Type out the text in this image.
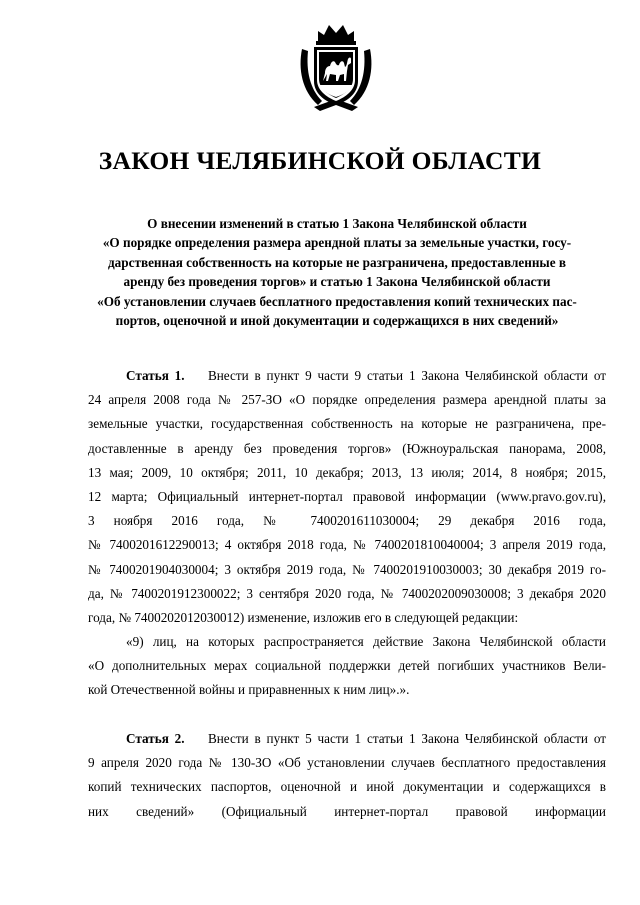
ЗАКОН ЧЕЛЯБИНСКОЙ ОБЛАСТИ
О внесении изменений в статью 1 Закона Челябинской области
«О порядке определения размера арендной платы за земельные участки, госу-
дарственная собственность на которые не разграничена, предоставленные в
аренду без проведения торгов» и статью 1 Закона Челябинской области
«Об установлении случаев бесплатного предоставления копий технических пас-
портов, оценочной и иной документации и содержащихся в них сведений»
Статья 1. Внести в пункт 9 части 9 статьи 1 Закона Челябинской области от
24 апреля 2008 года № 257-ЗО «О порядке определения размера арендной платы за
земельные участки, государственная собственность на которые не разграничена, пре-
доставленные в аренду без проведения торгов» (Южноуральская панорама, 2008,
13 мая; 2009, 10 октября; 2011, 10 декабря; 2013, 13 июля; 2014, 8 ноября; 2015,
12 марта; Официальный интернет-портал правовой информации (www.pravo.gov.ru),
3 ноября 2016 года, № 7400201611030004; 29 декабря 2016 года,
№ 7400201612290013; 4 октября 2018 года, № 7400201810040004; 3 апреля 2019 года,
№ 7400201904030004; 3 октября 2019 года, № 7400201910030003; 30 декабря 2019 го-
да, № 7400201912300022; 3 сентября 2020 года, № 7400202009030008; 3 декабря 2020
года, № 7400202012030012) изменение, изложив его в следующей редакции:
«9) лиц, на которых распространяется действие Закона Челябинской области
«О дополнительных мерах социальной поддержки детей погибших участников Вели-
кой Отечественной войны и приравненных к ним лиц».».
Статья 2. Внести в пункт 5 части 1 статьи 1 Закона Челябинской области от
9 апреля 2020 года № 130-ЗО «Об установлении случаев бесплатного предоставления
копий технических паспортов, оценочной и иной документации и содержащихся в
них сведений» (Официальный интернет-портал правовой информации
